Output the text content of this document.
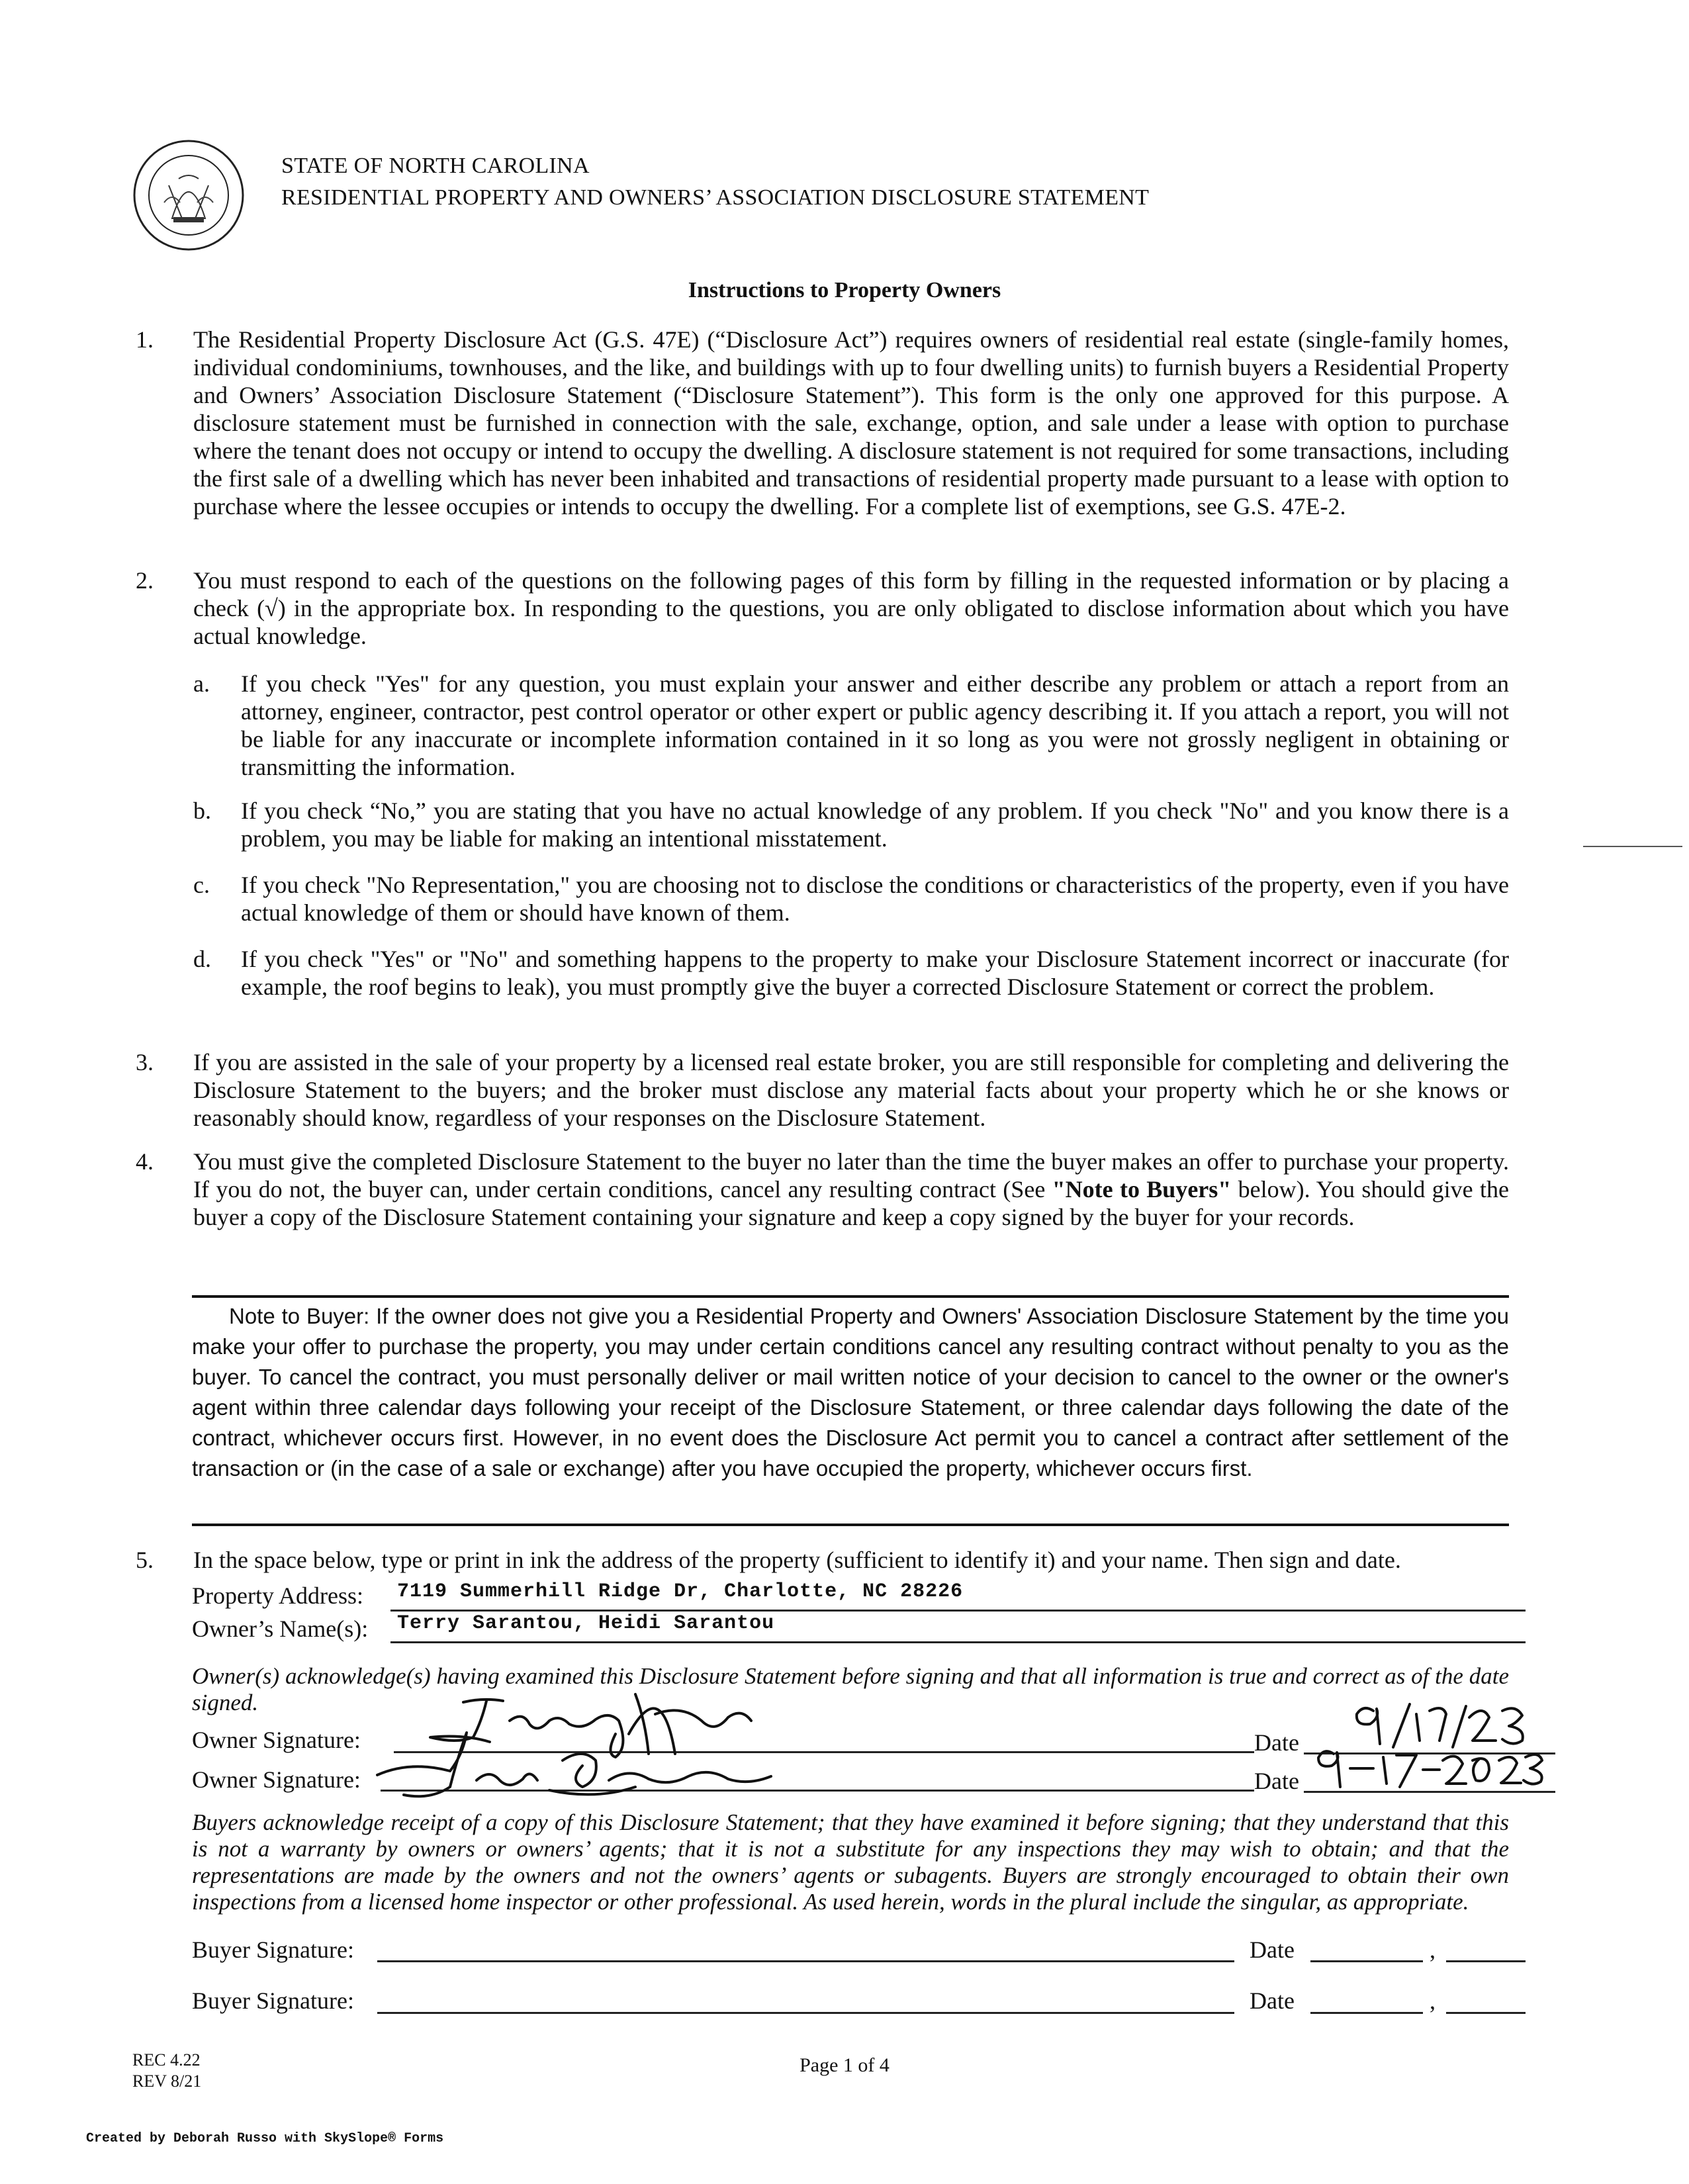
STATE OF NORTH CAROLINA
RESIDENTIAL PROPERTY AND OWNERS’ ASSOCIATION DISCLOSURE STATEMENT
Instructions to Property Owners
1. The Residential Property Disclosure Act (G.S. 47E) (“Disclosure Act”) requires owners of residential real estate (single-family homes, individual condominiums, townhouses, and the like, and buildings with up to four dwelling units) to furnish buyers a Residential Property and Owners’ Association Disclosure Statement (“Disclosure Statement”). This form is the only one approved for this purpose. A disclosure statement must be furnished in connection with the sale, exchange, option, and sale under a lease with option to purchase where the tenant does not occupy or intend to occupy the dwelling. A disclosure statement is not required for some transactions, including the first sale of a dwelling which has never been inhabited and transactions of residential property made pursuant to a lease with option to purchase where the lessee occupies or intends to occupy the dwelling. For a complete list of exemptions, see G.S. 47E-2.
2. You must respond to each of the questions on the following pages of this form by filling in the requested information or by placing a check (√) in the appropriate box. In responding to the questions, you are only obligated to disclose information about which you have actual knowledge.
a. If you check "Yes" for any question, you must explain your answer and either describe any problem or attach a report from an attorney, engineer, contractor, pest control operator or other expert or public agency describing it. If you attach a report, you will not be liable for any inaccurate or incomplete information contained in it so long as you were not grossly negligent in obtaining or transmitting the information.
b. If you check “No,” you are stating that you have no actual knowledge of any problem. If you check "No" and you know there is a problem, you may be liable for making an intentional misstatement.
c. If you check "No Representation," you are choosing not to disclose the conditions or characteristics of the property, even if you have actual knowledge of them or should have known of them.
d. If you check "Yes" or "No" and something happens to the property to make your Disclosure Statement incorrect or inaccurate (for example, the roof begins to leak), you must promptly give the buyer a corrected Disclosure Statement or correct the problem.
3. If you are assisted in the sale of your property by a licensed real estate broker, you are still responsible for completing and delivering the Disclosure Statement to the buyers; and the broker must disclose any material facts about your property which he or she knows or reasonably should know, regardless of your responses on the Disclosure Statement.
4. You must give the completed Disclosure Statement to the buyer no later than the time the buyer makes an offer to purchase your property. If you do not, the buyer can, under certain conditions, cancel any resulting contract (See "Note to Buyers" below). You should give the buyer a copy of the Disclosure Statement containing your signature and keep a copy signed by the buyer for your records.
Note to Buyer: If the owner does not give you a Residential Property and Owners' Association Disclosure Statement by the time you make your offer to purchase the property, you may under certain conditions cancel any resulting contract without penalty to you as the buyer. To cancel the contract, you must personally deliver or mail written notice of your decision to cancel to the owner or the owner's agent within three calendar days following your receipt of the Disclosure Statement, or three calendar days following the date of the contract, whichever occurs first. However, in no event does the Disclosure Act permit you to cancel a contract after settlement of the transaction or (in the case of a sale or exchange) after you have occupied the property, whichever occurs first.
5. In the space below, type or print in ink the address of the property (sufficient to identify it) and your name. Then sign and date.
Property Address: 7119 Summerhill Ridge Dr, Charlotte, NC 28226
Owner’s Name(s): Terry Sarantou, Heidi Sarantou
Owner(s) acknowledge(s) having examined this Disclosure Statement before signing and that all information is true and correct as of the date signed.
Owner Signature:	Date
Owner Signature:	Date
Buyers acknowledge receipt of a copy of this Disclosure Statement; that they have examined it before signing; that they understand that this is not a warranty by owners or owners’ agents; that it is not a substitute for any inspections they may wish to obtain; and that the representations are made by the owners and not the owners’ agents or subagents. Buyers are strongly encouraged to obtain their own inspections from a licensed home inspector or other professional. As used herein, words in the plural include the singular, as appropriate.
Buyer Signature:	Date	,
Buyer Signature:	Date	,
REC 4.22
REV 8/21
Page 1 of 4
Created by Deborah Russo with SkySlope® Forms
